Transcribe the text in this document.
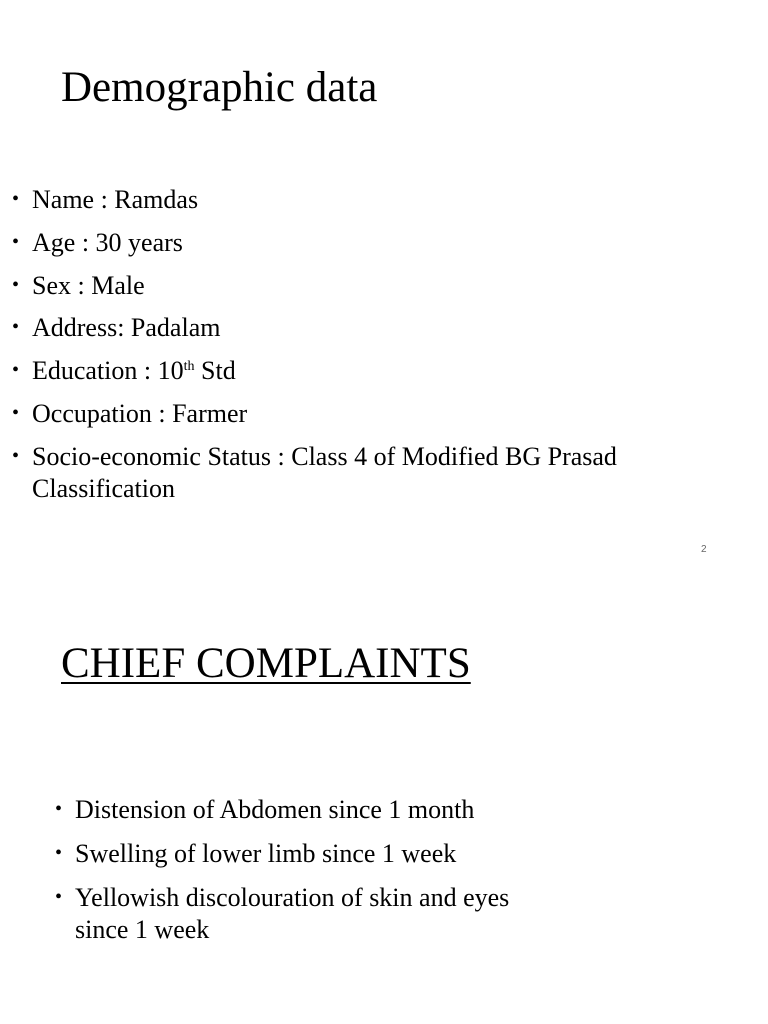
Demographic data
• Name : Ramdas
• Age : 30 years
• Sex : Male
• Address: Padalam
• Education : 10th Std
• Occupation : Farmer
• Socio-economic Status : Class 4 of Modified BG Prasad Classification
2
CHIEF COMPLAINTS
• Distension of Abdomen since 1 month
• Swelling of lower limb since 1 week
• Yellowish discolouration of skin and eyes since 1 week
